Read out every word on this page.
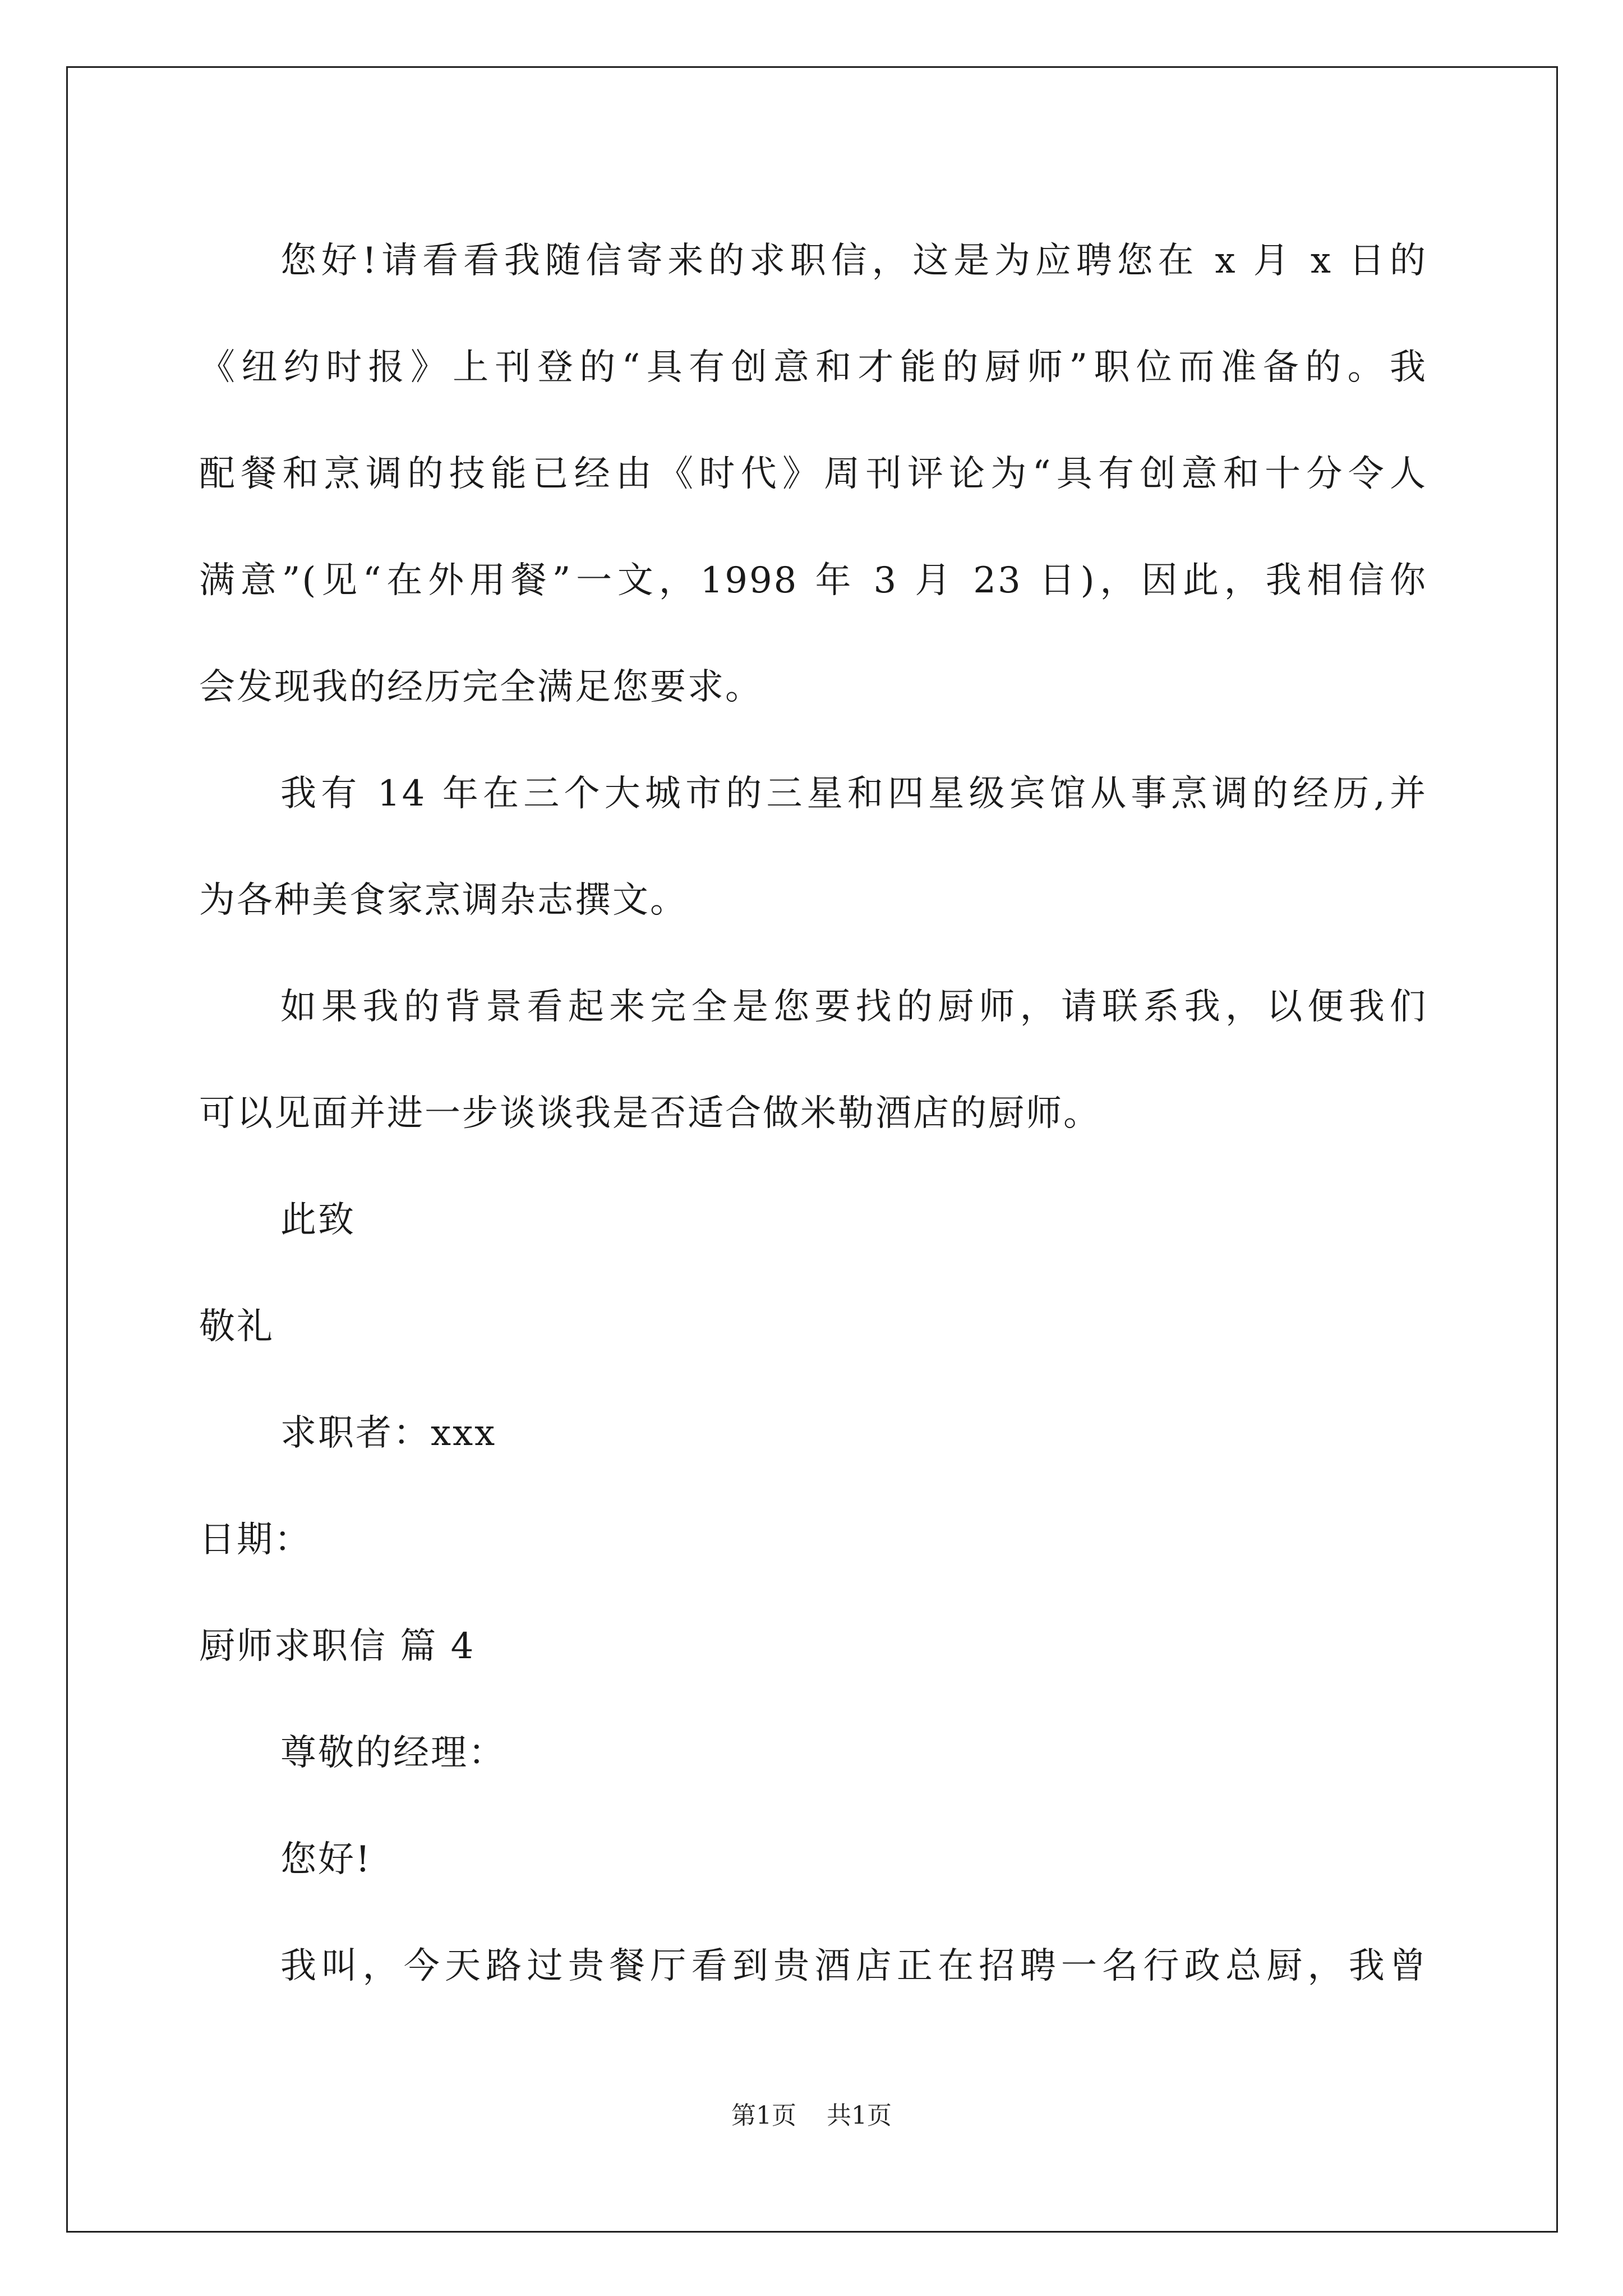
您好!请看看我随信寄来的求职信，这是为应聘您在 x 月 x 日的
《纽约时报》上刊登的“具有创意和才能的厨师”职位而准备的。我
配餐和烹调的技能已经由《时代》周刊评论为“具有创意和十分令人
满意”(见“在外用餐”一文，1998 年 3 月 23 日)，因此，我相信你
会发现我的经历完全满足您要求。
我有 14 年在三个大城市的三星和四星级宾馆从事烹调的经历,并
为各种美食家烹调杂志撰文。
如果我的背景看起来完全是您要找的厨师，请联系我，以便我们
可以见面并进一步谈谈我是否适合做米勒酒店的厨师。
此致
敬礼
求职者：xxx
日期：
厨师求职信 篇 4
尊敬的经理：
您好!
我叫，今天路过贵餐厅看到贵酒店正在招聘一名行政总厨，我曾
第1页 共1页
